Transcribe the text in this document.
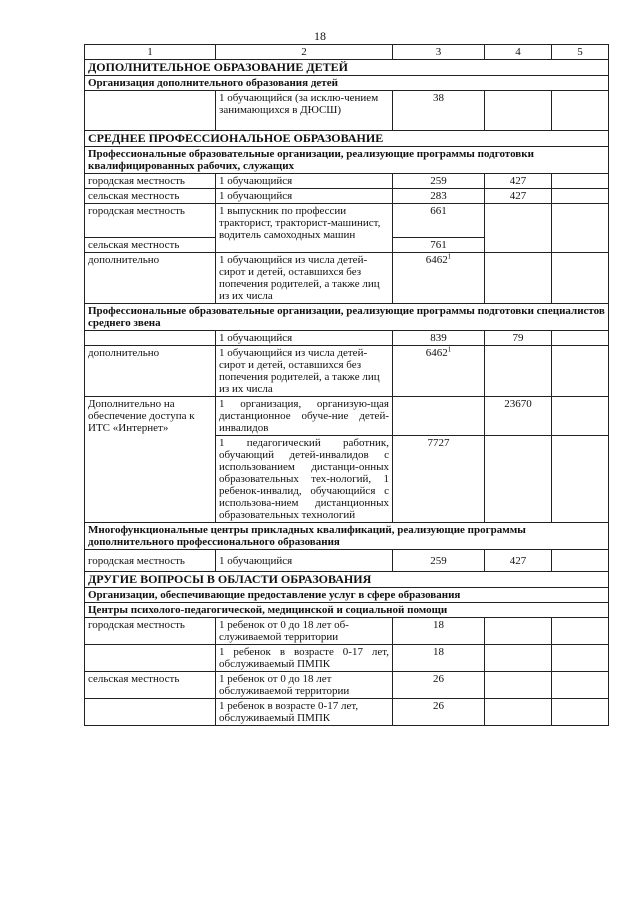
18
1	2	3	4	5
ДОПОЛНИТЕЛЬНОЕ ОБРАЗОВАНИЕ ДЕТЕЙ				
Организация дополнительного образования детей				
	1 обучающийся (за исклю-чением занимающихся в ДЮСШ)	38		
СРЕДНЕЕ ПРОФЕССИОНАЛЬНОЕ ОБРАЗОВАНИЕ				
Профессиональные образовательные организации, реализующие программы подготовки квалифицированных рабочих, служащих				
городская местность	1 обучающийся	259	427	
сельская местность	1 обучающийся	283	427	
городская местность	1 выпускник по профессии тракторист, тракторист-машинист, водитель самоходных машин	661		
сельская местность		761		
дополнительно	1 обучающийся из числа детей-сирот и детей, оставшихся без попечения родителей, а также лиц из их числа	6462$^1$		
Профессиональные образовательные организации, реализующие программы подготовки специалистов среднего звена				
	1 обучающийся	839	79	
дополнительно	1 обучающийся из числа детей-сирот и детей, оставшихся без попечения родителей, а также лиц из их числа	6462$^1$		
Дополнительно на обеспечение доступа к ИТС «Интернет»	1 организация, организую-щая дистанционное обуче-ние детей-инвалидов		23670	
	1 педагогический работник, обучающий детей-инвалидов с использованием дистанци-онных образовательных тех-нологий, 1 ребенок-инвалид, обучающийся с использова-нием дистанционных образовательных технологий	7727		
Многофункциональные центры прикладных квалификаций, реализующие программы дополнительного профессионального образования				
городская местность	1 обучающийся	259	427	
ДРУГИЕ ВОПРОСЫ В ОБЛАСТИ ОБРАЗОВАНИЯ				
Организации, обеспечивающие предоставление услуг в сфере образования				
Центры психолого-педагогической, медицинской и социальной помощи				
городская местность	1 ребенок от 0 до 18 лет об-служиваемой территории	18		
	1 ребенок в возрасте 0-17 лет, обслуживаемый ПМПК	18		
сельская местность	1 ребенок от 0 до 18 лет обслуживаемой территории	26		
	1 ребенок в возрасте 0-17 лет, обслуживаемый ПМПК	26		
